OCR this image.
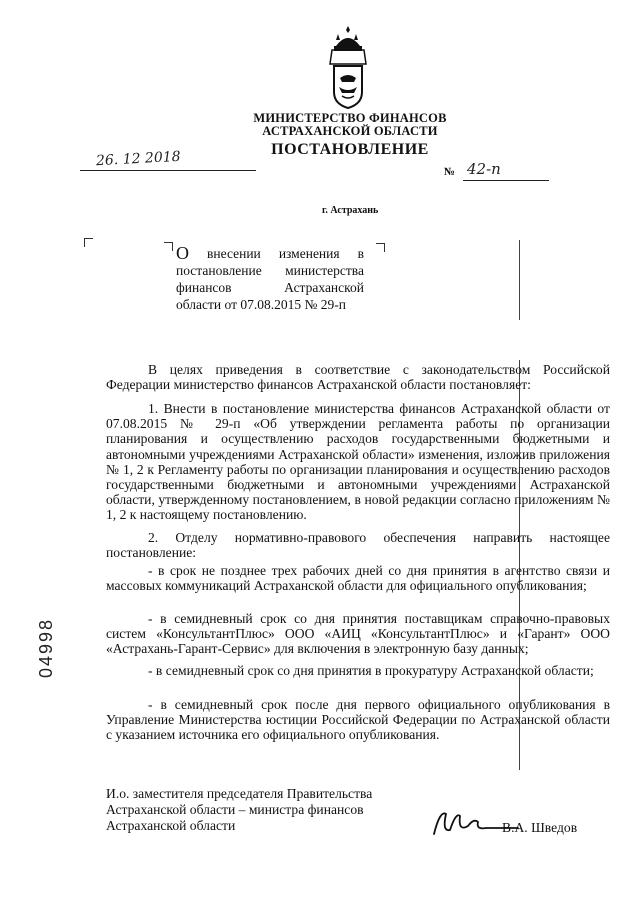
МИНИСТЕРСТВО ФИНАНСОВ
АСТРАХАНСКОЙ ОБЛАСТИ
ПОСТАНОВЛЕНИЕ
26. 12 2018
№ 42-п
г. Астрахань
О внесении изменения в
постановление министерства
финансов	Астраханской
области от 07.08.2015 № 29-п

В целях приведения в соответствие с законодательством Российской Федерации министерство финансов Астраханской области постановляет:

1. Внести в постановление министерства финансов Астраханской области от 07.08.2015 № 29-п «Об утверждении регламента работы по организации планирования и осуществлению расходов государственными бюджетными и автономными учреждениями Астраханской области» изменения, изложив приложения № 1, 2 к Регламенту работы по организации планирования и осуществлению расходов государственными бюджетными и автономными учреждениями Астраханской области, утвержденному постановлением, в новой редакции согласно приложениям № 1, 2 к настоящему постановлению.

2. Отделу нормативно-правового обеспечения направить настоящее постановление:

- в срок не позднее трех рабочих дней со дня принятия в агентство связи и массовых коммуникаций Астраханской области для официального опубликования;

- в семидневный срок со дня принятия поставщикам справочно-правовых систем «КонсультантПлюс» ООО «АИЦ «КонсультантПлюс» и «Гарант» ООО «Астрахань-Гарант-Сервис» для включения в электронную базу данных;

- в семидневный срок со дня принятия в прокуратуру Астраханской области;

- в семидневный срок после дня первого официального опубликования в Управление Министерства юстиции Российской Федерации по Астраханской области с указанием источника его официального опубликования.

И.о. заместителя председателя Правительства
Астраханской области – министра финансов
Астраханской области	В.А. Шведов
04998
